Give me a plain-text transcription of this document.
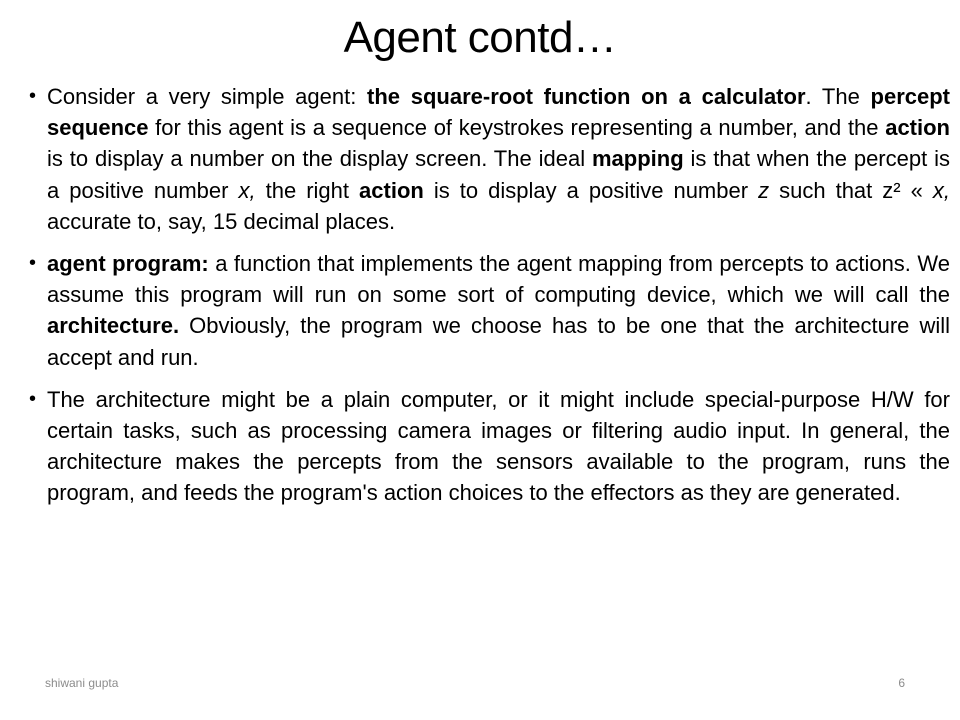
Agent contd…
• Consider a very simple agent: the square-root function on a calculator. The percept sequence for this agent is a sequence of keystrokes representing a number, and the action is to display a number on the display screen. The ideal mapping is that when the percept is a positive number x, the right action is to display a positive number z such that z² « x, accurate to, say, 15 decimal places.
• agent program: a function that implements the agent mapping from percepts to actions. We assume this program will run on some sort of computing device, which we will call the architecture. Obviously, the program we choose has to be one that the architecture will accept and run.
• The architecture might be a plain computer, or it might include special-purpose H/W for certain tasks, such as processing camera images or filtering audio input. In general, the architecture makes the percepts from the sensors available to the program, runs the program, and feeds the program's action choices to the effectors as they are generated.
shiwani gupta	6
